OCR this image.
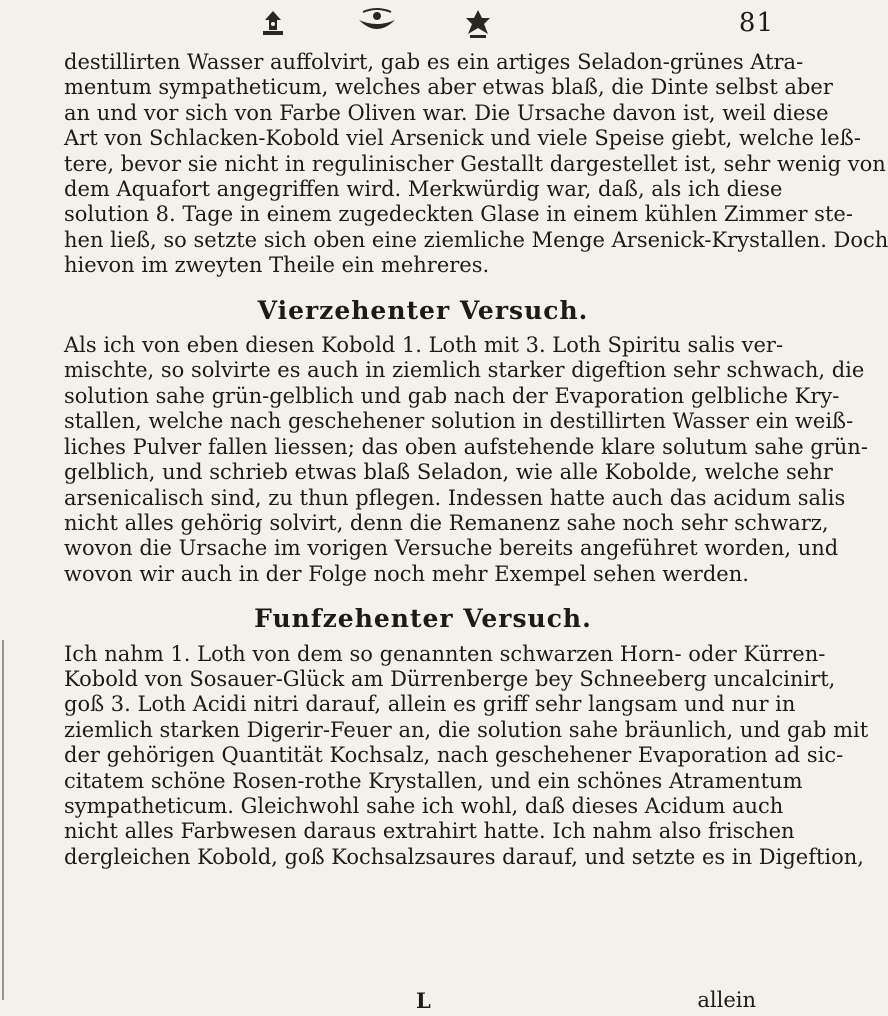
81
destillirten Wasser auffolvirt, gab es ein artiges Seladon-grünes Atra-
mentum sympatheticum, welches aber etwas blaß, die Dinte selbst aber
an und vor sich von Farbe Oliven war. Die Ursache davon ist, weil diese
Art von Schlacken-Kobold viel Arsenick und viele Speise giebt, welche leß-
tere, bevor sie nicht in regulinischer Gestallt dargestellet ist, sehr wenig von
dem Aquafort angegriffen wird. Merkwürdig war, daß, als ich diese
solution 8. Tage in einem zugedeckten Glase in einem kühlen Zimmer ste-
hen ließ, so setzte sich oben eine ziemliche Menge Arsenick-Krystallen. Doch
hievon im zweyten Theile ein mehreres.
Vierzehenter Versuch.
Als ich von eben diesen Kobold 1. Loth mit 3. Loth Spiritu salis ver-
mischte, so solvirte es auch in ziemlich starker digeftion sehr schwach, die
solution sahe grün-gelblich und gab nach der Evaporation gelbliche Kry-
stallen, welche nach geschehener solution in destillirten Wasser ein weiß-
liches Pulver fallen liessen; das oben aufstehende klare solutum sahe grün-
gelblich, und schrieb etwas blaß Seladon, wie alle Kobolde, welche sehr
arsenicalisch sind, zu thun pflegen. Indessen hatte auch das acidum salis
nicht alles gehörig solvirt, denn die Remanenz sahe noch sehr schwarz,
wovon die Ursache im vorigen Versuche bereits angeführet worden, und
wovon wir auch in der Folge noch mehr Exempel sehen werden.
Funfzehenter Versuch.
Ich nahm 1. Loth von dem so genannten schwarzen Horn- oder Kürren-
Kobold von Sosauer-Glück am Dürrenberge bey Schneeberg uncalcinirt,
goß 3. Loth Acidi nitri darauf, allein es griff sehr langsam und nur in
ziemlich starken Digerir-Feuer an, die solution sahe bräunlich, und gab mit
der gehörigen Quantität Kochsalz, nach geschehener Evaporation ad sic-
citatem schöne Rosen-rothe Krystallen, und ein schönes Atramentum
sympatheticum. Gleichwohl sahe ich wohl, daß dieses Acidum auch
nicht alles Farbwesen daraus extrahirt hatte. Ich nahm also frischen
dergleichen Kobold, goß Kochsalzsaures darauf, und setzte es in Digeftion,
L	allein
